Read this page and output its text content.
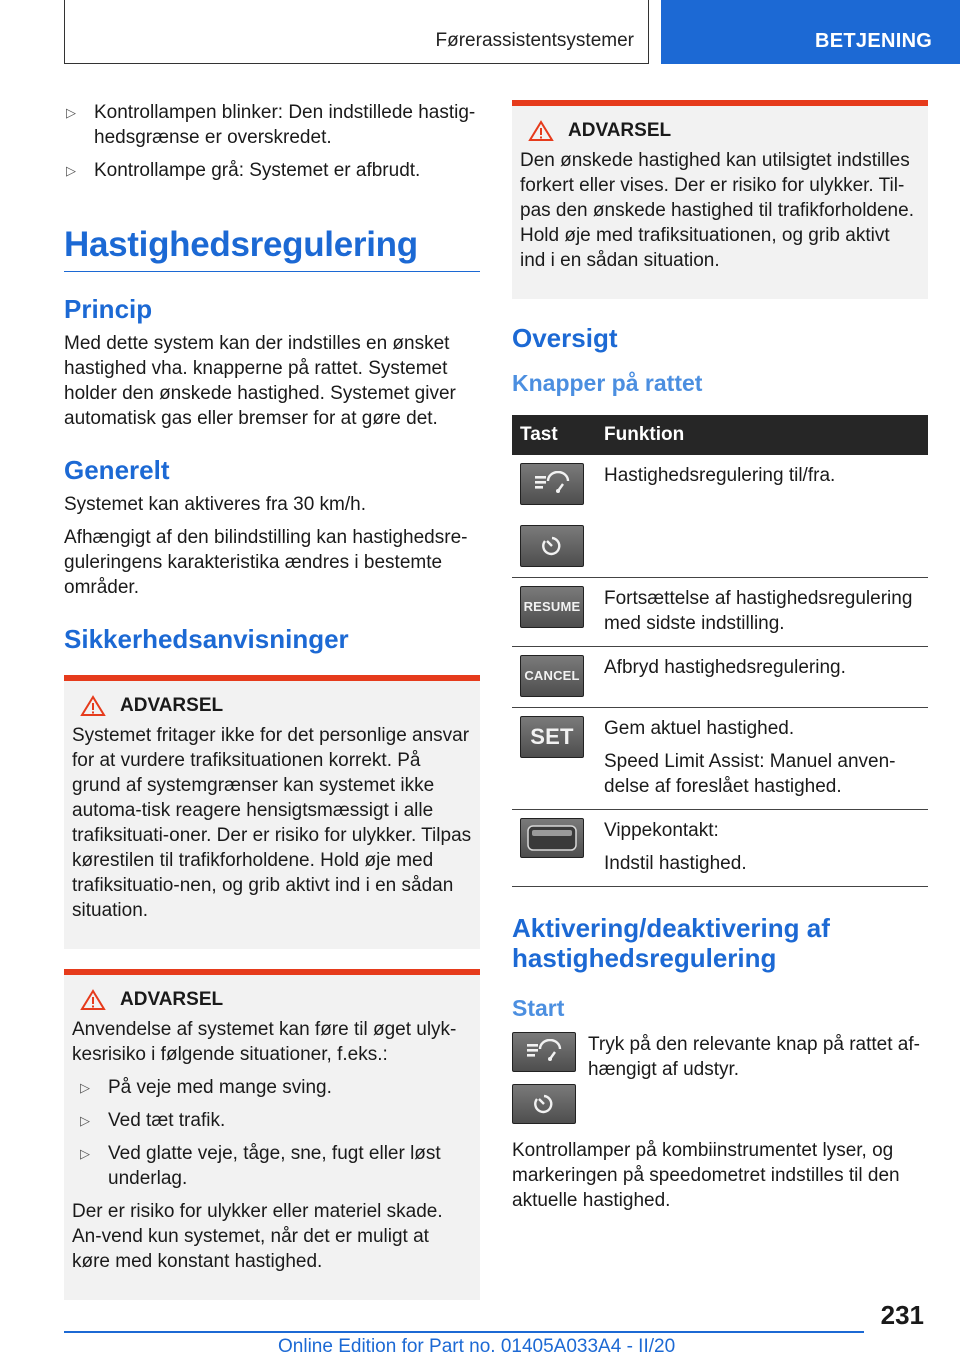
Førerassistentsystemer	BETJENING
▷ Kontrollampen blinker: Den indstillede hastig-hedsgrænse er overskredet.
▷ Kontrollampe grå: Systemet er afbrudt.
Hastighedsregulering
Princip

Med dette system kan der indstilles en ønsket hastighed vha. knapperne på rattet. Systemet holder den ønskede hastighed. Systemet giver automatisk gas eller bremser for at gøre det.

Generelt

Systemet kan aktiveres fra 30 km/h.

Afhængigt af den bilindstilling kan hastighedsre-guleringens karakteristika ændres i bestemte områder.

Sikkerhedsanvisninger
ADVARSEL

Systemet fritager ikke for det personlige ansvar for at vurdere trafiksituationen korrekt. På grund af systemgrænser kan systemet ikke automa-tisk reagere hensigtsmæssigt i alle trafiksituati-oner. Der er risiko for ulykker. Tilpas kørestilen til trafikforholdene. Hold øje med trafiksituatio-nen, og grib aktivt ind i en sådan situation.

ADVARSEL

Anvendelse af systemet kan føre til øget ulyk-kesrisiko i følgende situationer, f.eks.:

▷ På veje med mange sving.
▷ Ved tæt trafik.
▷ Ved glatte veje, tåge, sne, fugt eller løst underlag.

Der er risiko for ulykker eller materiel skade. An-vend kun systemet, når det er muligt at køre med konstant hastighed.

ADVARSEL

Den ønskede hastighed kan utilsigtet indstilles forkert eller vises. Der er risiko for ulykker. Til-pas den ønskede hastighed til trafikforholdene. Hold øje med trafiksituationen, og grib aktivt ind i en sådan situation.

Oversigt
Knapper på rattet
Tast	Funktion

Hastighedsregulering til/fra.

RESUME	Fortsættelse af hastighedsregulering med sidste indstilling.

CANCEL	Afbryd hastighedsregulering.

SET	Gem aktuel hastighed.

Speed Limit Assist: Manuel anven-delse af foreslået hastighed.

Vippekontakt:

Indstil hastighed.

Aktivering/deaktivering af hastighedsregulering
Start

Tryk på den relevante knap på rattet af-hængigt af udstyr.

Kontrollamper på kombiinstrumentet lyser, og markeringen på speedometret indstilles til den aktuelle hastighed.

231
Online Edition for Part no. 01405A033A4 - II/20
